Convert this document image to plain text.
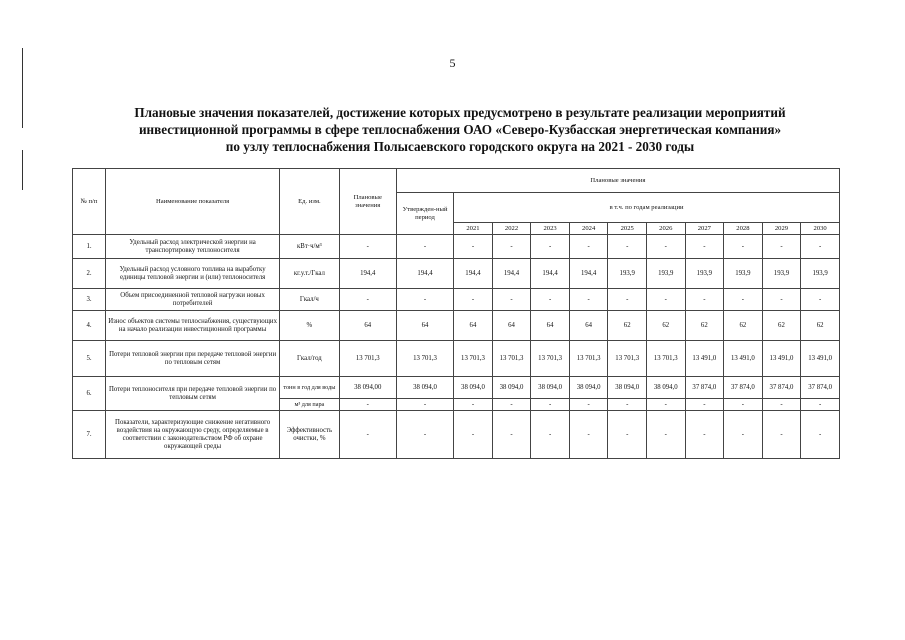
5
Плановые значения показателей, достижение которых предусмотрено в результате реализации мероприятий
инвестиционной программы в сфере теплоснабжения ОАО «Северо-Кузбасская энергетическая компания»
по узлу теплоснабжения Полысаевского городского округа на 2021 - 2030 годы
№ п/п	Наименование показателя	Ед. изм.	Плановые значения	Плановые значения										
				Утвержден-ный период	в т.ч. по годам реализации									
					2021	2022	2023	2024	2025	2026	2027	2028	2029	2030
1.	Удельный расход электрической энергии на транспортировку теплоносителя	кВт·ч/м³	-	-	-	-	-	-	-	-	-	-	-	-
2.	Удельный расход условного топлива на выработку единицы тепловой энергии и (или) теплоносителя	кг.у.т./Гкал	194,4	194,4	194,4	194,4	194,4	194,4	193,9	193,9	193,9	193,9	193,9	193,9
3.	Объем присоединенной тепловой нагрузки новых потребителей	Гкал/ч	-	-	-	-	-	-	-	-	-	-	-	-
4.	Износ объектов системы теплоснабжения, существующих на начало реализации инвестиционной программы	%	64	64	64	64	64	64	62	62	62	62	62	62
5.	Потери тепловой энергии при передаче тепловой энергии по тепловым сетям	Гкал/год	13 701,3	13 701,3	13 701,3	13 701,3	13 701,3	13 701,3	13 701,3	13 701,3	13 491,0	13 491,0	13 491,0	13 491,0
6.	Потери теплоносителя при передаче тепловой энергии по тепловым сетям	тонн в год для воды	38 094,00	38 094,0	38 094,0	38 094,0	38 094,0	38 094,0	38 094,0	38 094,0	37 874,0	37 874,0	37 874,0	37 874,0
		м³ для пара	-	-	-	-	-	-	-	-	-	-	-	-
7.	Показатели, характеризующие снижение негативного воздействия на окружающую среду, определяемые в соответствии с законодательством РФ об охране окружающей среды	Эффективность очистки, %	-	-	-	-	-	-	-	-	-	-	-	-
